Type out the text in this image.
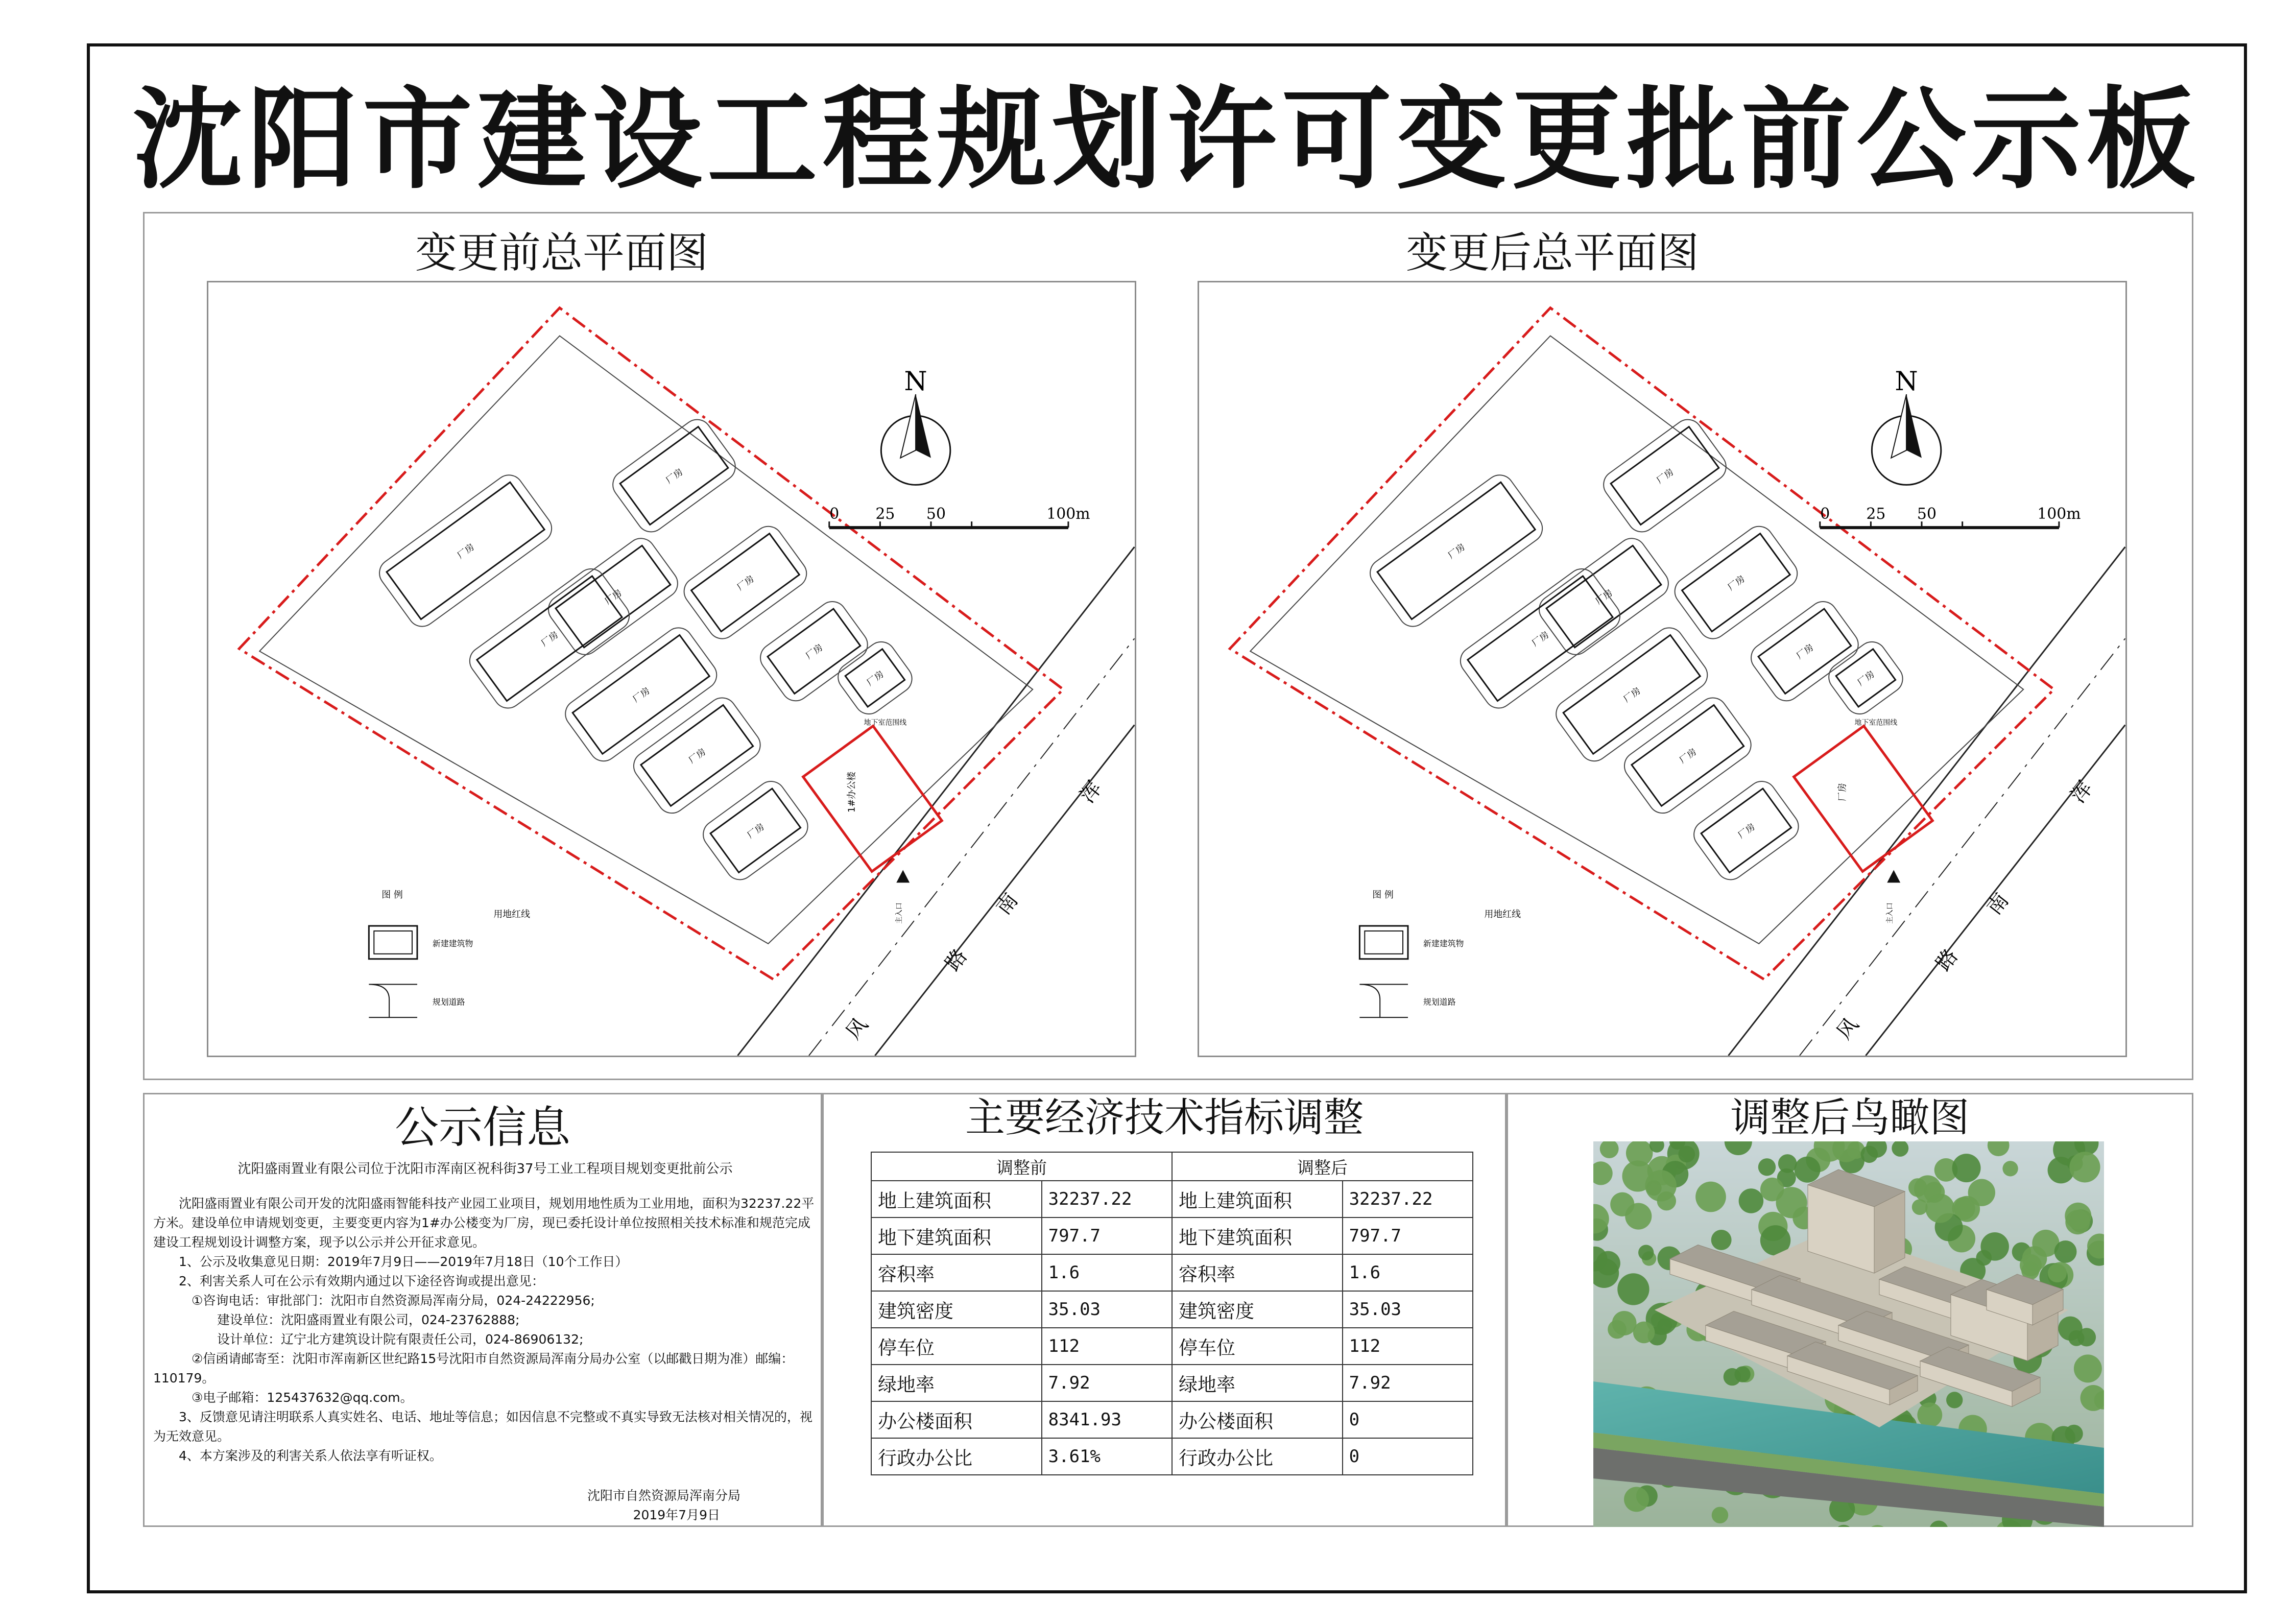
沈阳市建设工程规划许可变更批前公示板
变更前总平面图	变更后总平面图
厂房
厂房
厂房
厂房
厂房
厂房
厂房
厂房
厂房
厂房
地下室范围线
N
0 25 50	100m
图 例
新建建筑物
规划道路
用地红线	主入口
浑
南
路
风
1#办公楼
厂房
厂房
厂房
厂房
厂房
厂房
厂房
厂房
厂房
厂房
地下室范围线
N
0 25 50	100m
图 例
新建建筑物
规划道路
用地红线	主入口
浑
南
路
风
厂房
公示信息

沈阳盛雨置业有限公司位于沈阳市浑南区祝科街37号工业工程项目规划变更批前公示

沈阳盛雨置业有限公司开发的沈阳盛雨智能科技产业园工业项目，规划用地性质为工业用地，面积为32237.22平方米。建设单位申请规划变更，主要变更内容为1#办公楼变为厂房，现已委托设计单位按照相关技术标准和规范完成建设工程规划设计调整方案，现予以公示并公开征求意见。

1、公示及收集意见日期：2019年7月9日——2019年7月18日（10个工作日）

2、利害关系人可在公示有效期内通过以下途径咨询或提出意见：

①咨询电话：审批部门：沈阳市自然资源局浑南分局，024-24222956;

建设单位：沈阳盛雨置业有限公司，024-23762888;

设计单位：辽宁北方建筑设计院有限责任公司，024-86906132;

②信函请邮寄至：沈阳市浑南新区世纪路15号沈阳市自然资源局浑南分局办公室（以邮戳日期为准）邮编：110179。

③电子邮箱：125437632@qq.com。

3、反馈意见请注明联系人真实姓名、电话、地址等信息；如因信息不完整或不真实导致无法核对相关情况的，视为无效意见。

4、本方案涉及的利害关系人依法享有听证权。

沈阳市自然资源局浑南分局

2019年7月9日

主要经济技术指标调整
调整前		调整后	
地上建筑面积	32237.22	地上建筑面积	32237.22
地下建筑面积	797.7	地下建筑面积	797.7
容积率	1.6	容积率	1.6
建筑密度	35.03	建筑密度	35.03
停车位	112	停车位	112
绿地率	7.92	绿地率	7.92
办公楼面积	8341.93	办公楼面积	0
行政办公比	3.61%	行政办公比	0
调整后鸟瞰图
